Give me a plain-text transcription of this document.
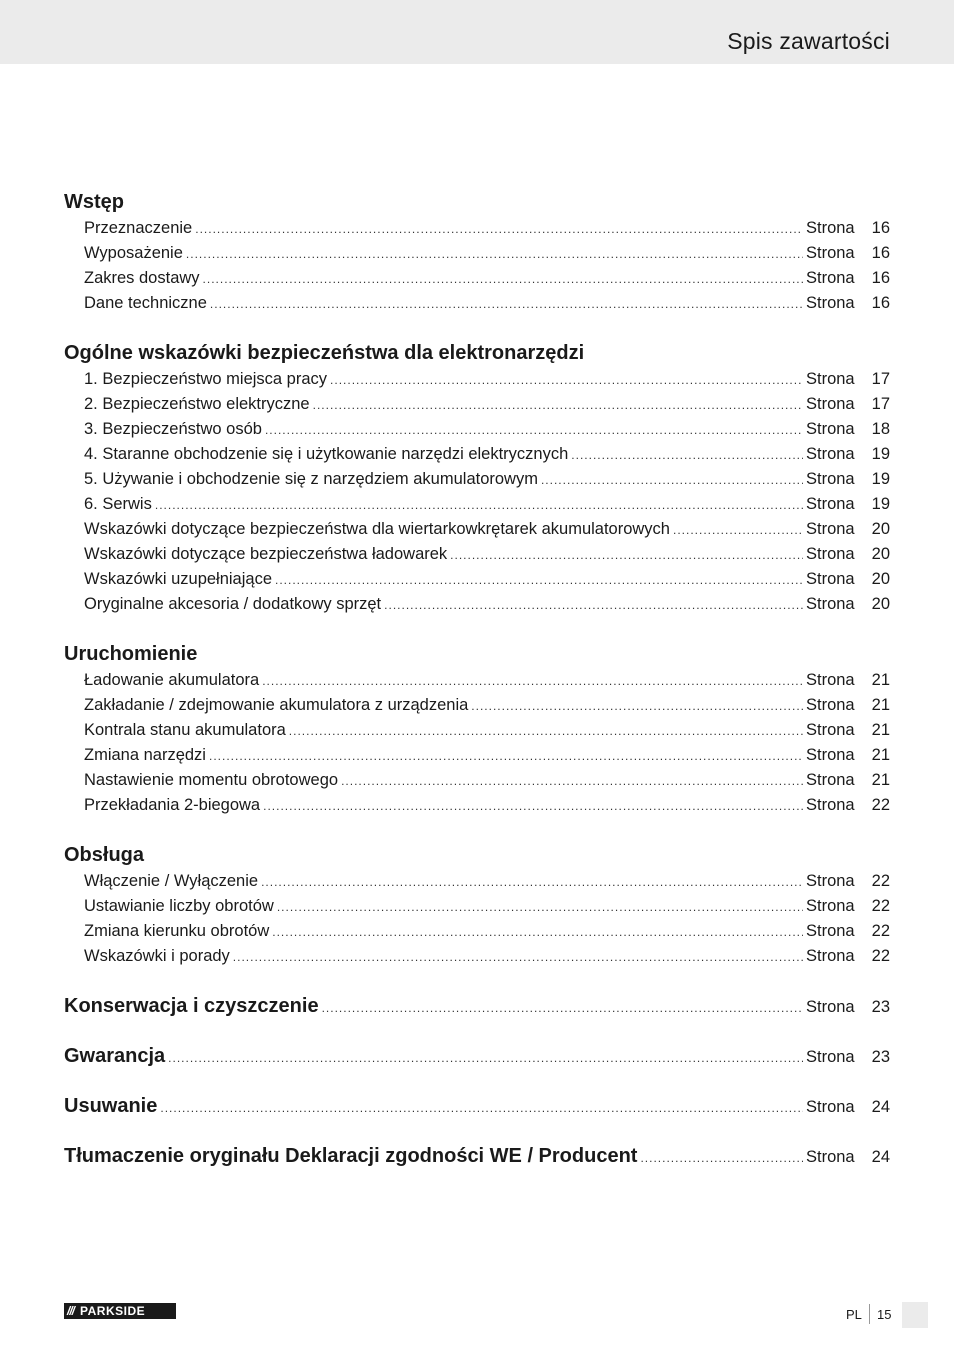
Spis zawartości
Wstęp
Przeznaczenie .....	Strona	16
Wyposażenie .....	Strona	16
Zakres dostawy .....	Strona	16
Dane techniczne .....	Strona	16
Ogólne wskazówki bezpieczeństwa dla elektronarzędzi
1. Bezpieczeństwo miejsca pracy .....	Strona	17
2. Bezpieczeństwo elektryczne .....	Strona	17
3. Bezpieczeństwo osób .....	Strona	18
4. Staranne obchodzenie się i użytkowanie narzędzi elektrycznych .....	Strona	19
5. Używanie i obchodzenie się z narzędziem akumulatorowym .....	Strona	19
6. Serwis .....	Strona	19
Wskazówki dotyczące bezpieczeństwa dla wiertarkowkrętarek akumulatorowych .....	Strona	20
Wskazówki dotyczące bezpieczeństwa ładowarek .....	Strona	20
Wskazówki uzupełniające .....	Strona	20
Oryginalne akcesoria / dodatkowy sprzęt .....	Strona	20
Uruchomienie
Ładowanie akumulatora .....	Strona	21
Zakładanie / zdejmowanie akumulatora z urządzenia .....	Strona	21
Kontrala stanu akumulatora .....	Strona	21
Zmiana narzędzi .....	Strona	21
Nastawienie momentu obrotowego .....	Strona	21
Przekładania 2-biegowa .....	Strona	22
Obsługa
Włączenie / Wyłączenie .....	Strona	22
Ustawianie liczby obrotów .....	Strona	22
Zmiana kierunku obrotów .....	Strona	22
Wskazówki i porady .....	Strona	22
Konserwacja i czyszczenie .....	Strona	23
Gwarancja .....	Strona	23
Usuwanie .....	Strona	24
Tłumaczenie oryginału Deklaracji zgodności WE / Producent .....	Strona	24
/// PARKSIDE	PL 15
